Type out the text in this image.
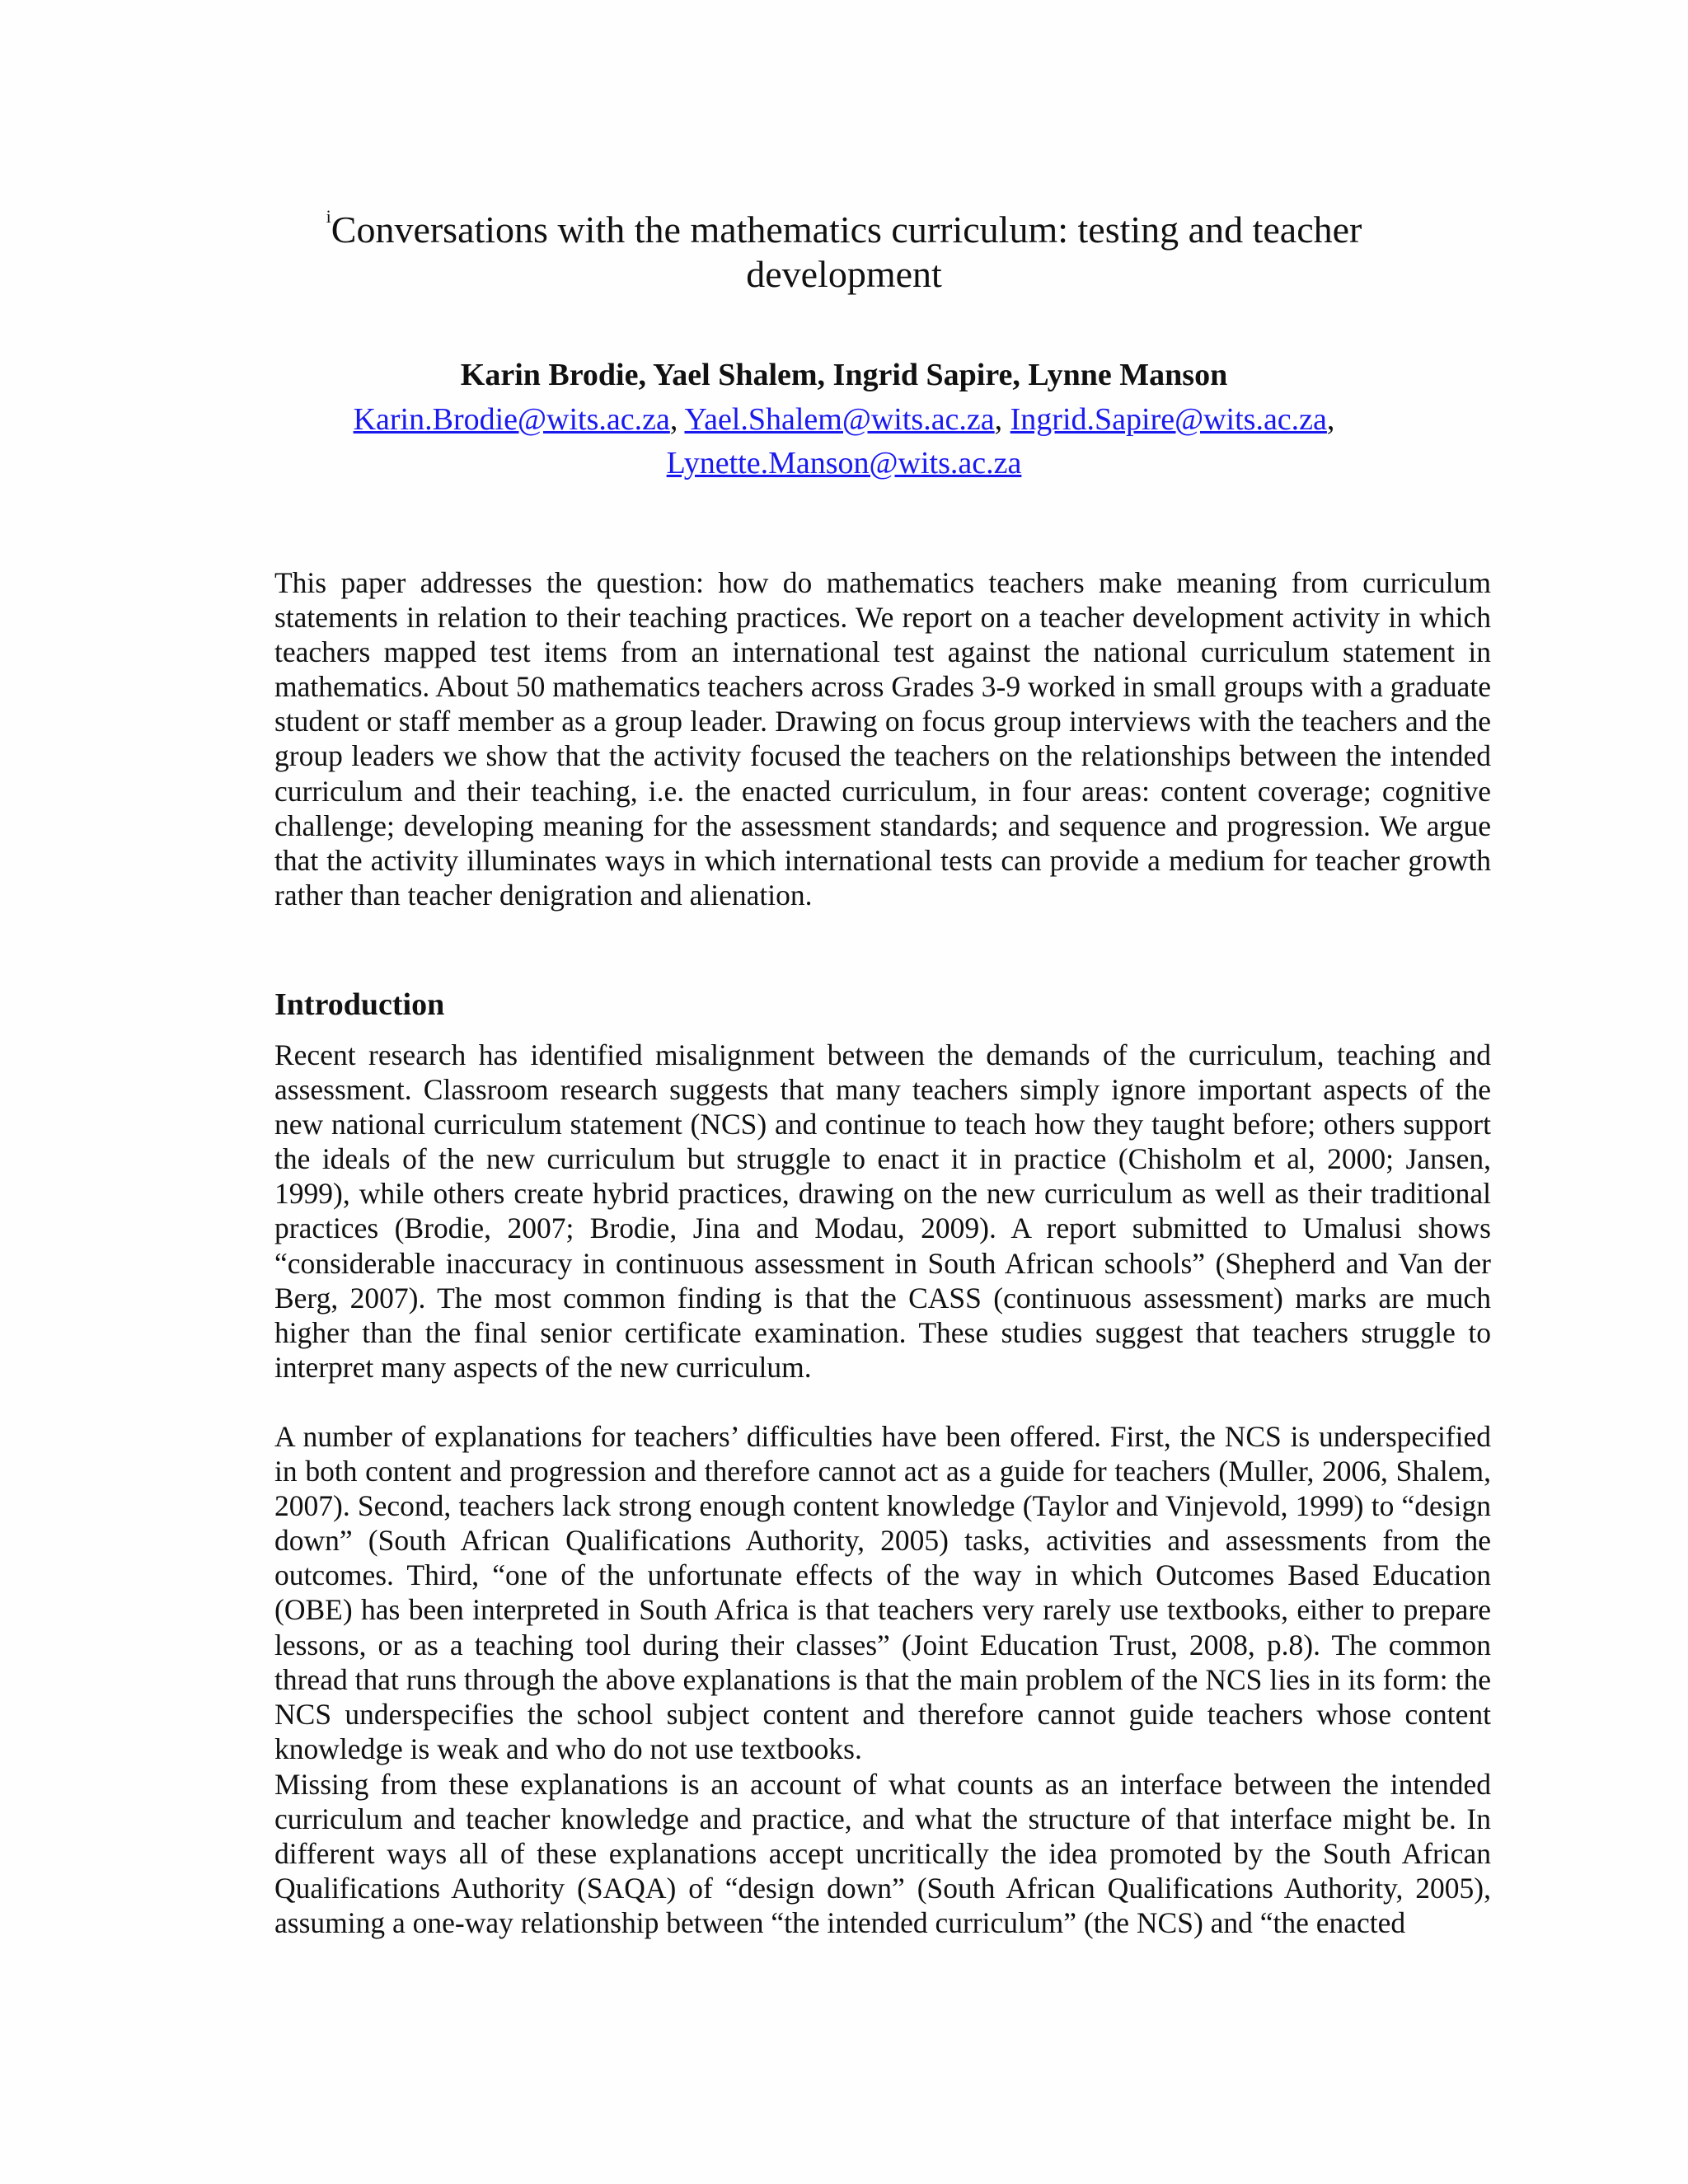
$^i$Conversations with the mathematics curriculum: testing and teacher
development
Karin Brodie, Yael Shalem, Ingrid Sapire, Lynne Manson
Karin.Brodie@wits.ac.za, Yael.Shalem@wits.ac.za, Ingrid.Sapire@wits.ac.za,
Lynette.Manson@wits.ac.za

This paper addresses the question: how do mathematics teachers make meaning from curriculum statements in relation to their teaching practices. We report on a teacher development activity in which teachers mapped test items from an international test against the national curriculum statement in mathematics. About 50 mathematics teachers across Grades 3-9 worked in small groups with a graduate student or staff member as a group leader. Drawing on focus group interviews with the teachers and the group leaders we show that the activity focused the teachers on the relationships between the intended curriculum and their teaching, i.e. the enacted curriculum, in four areas: content coverage; cognitive challenge; developing meaning for the assessment standards; and sequence and progression. We argue that the activity illuminates ways in which international tests can provide a medium for teacher growth rather than teacher denigration and alienation.

Introduction

Recent research has identified misalignment between the demands of the curriculum, teaching and assessment. Classroom research suggests that many teachers simply ignore important aspects of the new national curriculum statement (NCS) and continue to teach how they taught before; others support the ideals of the new curriculum but struggle to enact it in practice (Chisholm et al, 2000; Jansen, 1999), while others create hybrid practices, drawing on the new curriculum as well as their traditional practices (Brodie, 2007; Brodie, Jina and Modau, 2009). A report submitted to Umalusi shows “considerable inaccuracy in continuous assessment in South African schools” (Shepherd and Van der Berg, 2007). The most common finding is that the CASS (continuous assessment) marks are much higher than the final senior certificate examination. These studies suggest that teachers struggle to interpret many aspects of the new curriculum.

A number of explanations for teachers’ difficulties have been offered. First, the NCS is underspecified in both content and progression and therefore cannot act as a guide for teachers (Muller, 2006, Shalem, 2007). Second, teachers lack strong enough content knowledge (Taylor and Vinjevold, 1999) to “design down” (South African Qualifications Authority, 2005) tasks, activities and assessments from the outcomes. Third, “one of the unfortunate effects of the way in which Outcomes Based Education (OBE) has been interpreted in South Africa is that teachers very rarely use textbooks, either to prepare lessons, or as a teaching tool during their classes” (Joint Education Trust, 2008, p.8). The common thread that runs through the above explanations is that the main problem of the NCS lies in its form: the NCS underspecifies the school subject content and therefore cannot guide teachers whose content knowledge is weak and who do not use textbooks.

Missing from these explanations is an account of what counts as an interface between the intended curriculum and teacher knowledge and practice, and what the structure of that interface might be. In different ways all of these explanations accept uncritically the idea promoted by the South African Qualifications Authority (SAQA) of “design down” (South African Qualifications Authority, 2005), assuming a one-way relationship between “the intended curriculum” (the NCS) and “the enacted
